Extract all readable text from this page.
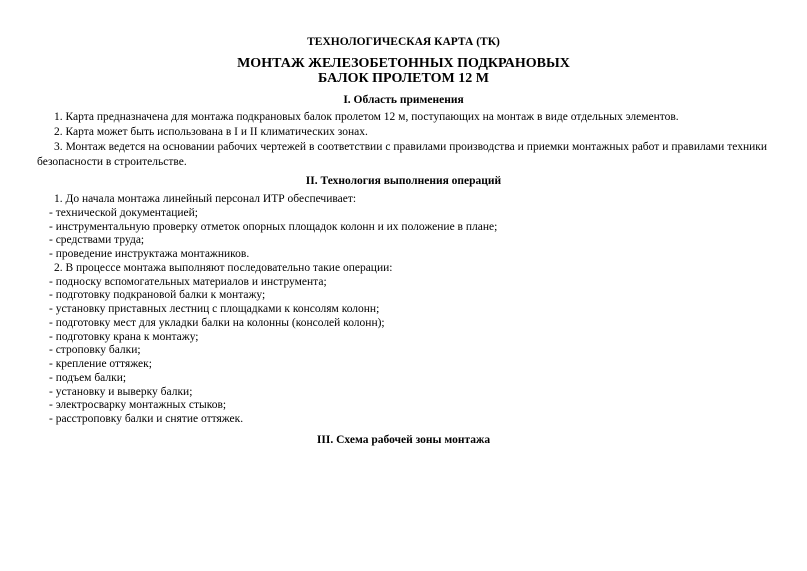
ТЕХНОЛОГИЧЕСКАЯ КАРТА (ТК)

МОНТАЖ ЖЕЛЕЗОБЕТОННЫХ ПОДКРАНОВЫХ
БАЛОК ПРОЛЕТОМ 12 М
I. Область применения

1. Карта предназначена для монтажа подкрановых балок пролетом 12 м, поступающих на монтаж в виде отдельных элементов.

2. Карта может быть использована в I и II климатических зонах.

3. Монтаж ведется на основании рабочих чертежей в соответствии с правилами производства и приемки монтажных работ и правилами техники безопасности в строительстве.

II. Технология выполнения операций
1. До начала монтажа линейный персонал ИТР обеспечивает:
- технической документацией;
- инструментальную проверку отметок опорных площадок колонн и их положение в плане;
- средствами труда;
- проведение инструктажа монтажников.
2. В процессе монтажа выполняют последовательно такие операции:
- подноску вспомогательных материалов и инструмента;
- подготовку подкрановой балки к монтажу;
- установку приставных лестниц с площадками к консолям колонн;
- подготовку мест для укладки балки на колонны (консолей колонн);
- подготовку крана к монтажу;
- строповку балки;
- крепление оттяжек;
- подъем балки;
- установку и выверку балки;
- электросварку монтажных стыков;
- расстроповку балки и снятие оттяжек.
III. Схема рабочей зоны монтажа
